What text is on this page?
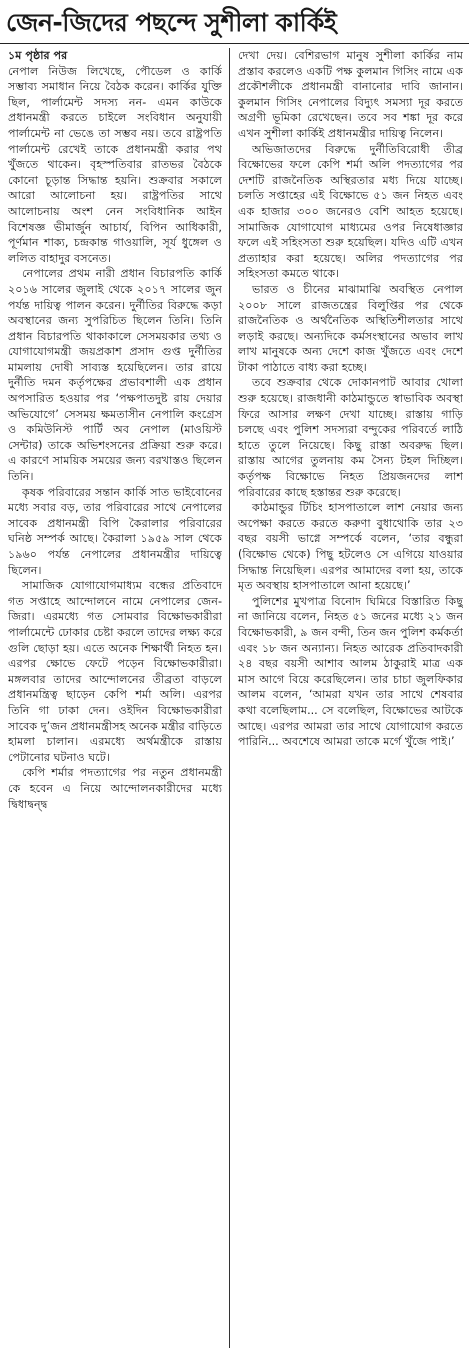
জেন-জিদের পছন্দে সুশীলা কার্কিই

১ম পৃষ্ঠার পর

নেপাল নিউজ লিখেছে, পৌডেল ও কার্কি সম্ভাব্য সমাধান নিয়ে বৈঠক করেন। কার্কির যুক্তি ছিল, পার্লামেন্ট সদস্য নন- এমন কাউকে প্রধানমন্ত্রী করতে চাইলে সংবিধান অনুযায়ী পার্লামেন্ট না ভেঙে তা সম্ভব নয়। তবে রাষ্ট্রপতি পার্লামেন্ট রেখেই তাকে প্রধানমন্ত্রী করার পথ খুঁজতে থাকেন। বৃহস্পতিবার রাতভর বৈঠকে কোনো চূড়ান্ত সিদ্ধান্ত হয়নি। শুক্রবার সকালে আরো আলোচনা হয়। রাষ্ট্রপতির সাথে আলোচনায় অংশ নেন সংবিধানিক আইন বিশেষজ্ঞ ভীমার্জুন আচার্য, বিপিন আধিকারী, পূর্ণমান শাক্য, চন্দ্রকান্ত গাওয়ালি, সূর্য ধুঙ্গেল ও ললিত বাহাদুর বসনেত।

নেপালের প্রথম নারী প্রধান বিচারপতি কার্কি ২০১৬ সালের জুলাই থেকে ২০১৭ সালের জুন পর্যন্ত দায়িত্ব পালন করেন। দুর্নীতির বিরুদ্ধে কড়া অবস্থানের জন্য সুপরিচিত ছিলেন তিনি। তিনি প্রধান বিচারপতি থাকাকালে সেসময়কার তথ্য ও যোগাযোগমন্ত্রী জয়প্রকাশ প্রসাদ গুপ্ত দুর্নীতির মামলায় দোষী সাব্যস্ত হয়েছিলেন। তার রায়ে দুর্নীতি দমন কর্তৃপক্ষের প্রভাবশালী এক প্রধান অপসারিত হওয়ার পর ‘পক্ষপাতদুষ্ট রায় দেয়ার অভিযোগে’ সেসময় ক্ষমতাসীন নেপালি কংগ্রেস ও কমিউনিস্ট পার্টি অব নেপাল (মাওয়িস্ট সেন্টার) তাকে অভিশংসনের প্রক্রিয়া শুরু করে। এ কারণে সাময়িক সময়ের জন্য বরখাস্তও ছিলেন তিনি।

কৃষক পরিবারের সন্তান কার্কি সাত ভাইবোনের মধ্যে সবার বড়, তার পরিবারের সাথে নেপালের সাবেক প্রধানমন্ত্রী বিপি কৈরালার পরিবারের ঘনিষ্ঠ সম্পর্ক আছে। কৈরালা ১৯৫৯ সাল থেকে ১৯৬০ পর্যন্ত নেপালের প্রধানমন্ত্রীর দায়িত্বে ছিলেন।

সামাজিক যোগাযোগমাধ্যম বন্ধের প্রতিবাদে গত সপ্তাহে আন্দোলনে নামে নেপালের জেন-জিরা। এরমধ্যে গত সোমবার বিক্ষোভকারীরা পার্লামেন্টে ঢোকার চেষ্টা করলে তাদের লক্ষ্য করে গুলি ছোড়া হয়। এতে অনেক শিক্ষার্থী নিহত হন। এরপর ক্ষোভে ফেটে পড়েন বিক্ষোভকারীরা। মঙ্গলবার তাদের আন্দোলনের তীব্রতা বাড়লে প্রধানমন্ত্রিত্ব ছাড়েন কেপি শর্মা অলি। এরপর তিনি গা ঢাকা দেন। ওইদিন বিক্ষোভকারীরা সাবেক দু’জন প্রধানমন্ত্রীসহ অনেক মন্ত্রীর বাড়িতে হামলা চালান। এরমধ্যে অর্থমন্ত্রীকে রাস্তায় পেটানোর ঘটনাও ঘটে।

কেপি শর্মার পদত্যাগের পর নতুন প্রধানমন্ত্রী কে হবেন এ নিয়ে আন্দোলনকারীদের মধ্যে দ্বিধাদ্বন্দ্ব

দেখা দেয়। বেশিরভাগ মানুষ সুশীলা কার্কির নাম প্রস্তাব করলেও একটি পক্ষ কুলমান গিসিং নামে এক প্রকৌশলীকে প্রধানমন্ত্রী বানানোর দাবি জানান। কুলমান গিসিং নেপালের বিদ্যুৎ সমস্যা দূর করতে অগ্রণী ভূমিকা রেখেছেন। তবে সব শঙ্কা দূর করে এখন সুশীলা কার্কিই প্রধানমন্ত্রীর দায়িত্ব নিলেন।

অভিজাতদের বিরুদ্ধে দুর্নীতিবিরোধী তীব্র বিক্ষোভের ফলে কেপি শর্মা অলি পদত্যাগের পর দেশটি রাজনৈতিক অস্থিরতার মধ্য দিয়ে যাচ্ছে। চলতি সপ্তাহের এই বিক্ষোভে ৫১ জন নিহত এবং এক হাজার ৩০০ জনেরও বেশি আহত হয়েছে। সামাজিক যোগাযোগ মাধ্যমের ওপর নিষেধাজ্ঞার ফলে এই সহিংসতা শুরু হয়েছিল। যদিও এটি এখন প্রত্যাহার করা হয়েছে। অলির পদত্যাগের পর সহিংসতা কমতে থাকে।

ভারত ও চীনের মাঝামাঝি অবস্থিত নেপাল ২০০৮ সালে রাজতন্ত্রের বিলুপ্তির পর থেকে রাজনৈতিক ও অর্থনৈতিক অস্থিতিশীলতার সাথে লড়াই করছে। অন্যদিকে কর্মসংস্থানের অভাব লাখ লাখ মানুষকে অন্য দেশে কাজ খুঁজতে এবং দেশে টাকা পাঠাতে বাধ্য করা হচ্ছে।

তবে শুক্রবার থেকে দোকানপাট আবার খোলা শুরু হয়েছে। রাজধানী কাঠমান্ডুতে স্বাভাবিক অবস্থা ফিরে আসার লক্ষণ দেখা যাচ্ছে। রাস্তায় গাড়ি চলছে এবং পুলিশ সদস্যরা বন্দুকের পরিবর্তে লাঠি হাতে তুলে নিয়েছে। কিছু রাস্তা অবরুদ্ধ ছিল। রাস্তায় আগের তুলনায় কম সৈন্য টহল দিচ্ছিল। কর্তৃপক্ষ বিক্ষোভে নিহত প্রিয়জনদের লাশ পরিবারের কাছে হস্তান্তর শুরু করেছে।

কাঠমান্ডুর টিচিং হাসপাতালে লাশ নেয়ার জন্য অপেক্ষা করতে করতে করুণা বুধাথোকি তার ২৩ বছর বয়সী ভাগ্নে সম্পর্কে বলেন, ‘তার বন্ধুরা (বিক্ষোভ থেকে) পিছু হটলেও সে এগিয়ে যাওয়ার সিদ্ধান্ত নিয়েছিল। এরপর আমাদের বলা হয়, তাকে মৃত অবস্থায় হাসপাতালে আনা হয়েছে।’

পুলিশের মুখপাত্র বিনোদ ঘিমিরে বিস্তারিত কিছু না জানিয়ে বলেন, নিহত ৫১ জনের মধ্যে ২১ জন বিক্ষোভকারী, ৯ জন বন্দী, তিন জন পুলিশ কর্মকর্তা এবং ১৮ জন অন্যান্য। নিহত আরেক প্রতিবাদকারী ২৪ বছর বয়সী আশাব আলম ঠাকুরাই মাত্র এক মাস আগে বিয়ে করেছিলেন। তার চাচা জুলফিকার আলম বলেন, ‘আমরা যখন তার সাথে শেষবার কথা বলেছিলাম... সে বলেছিল, বিক্ষোভের আটকে আছে। এরপর আমরা তার সাথে যোগাযোগ করতে পারিনি... অবশেষে আমরা তাকে মর্গে খুঁজে পাই।’
